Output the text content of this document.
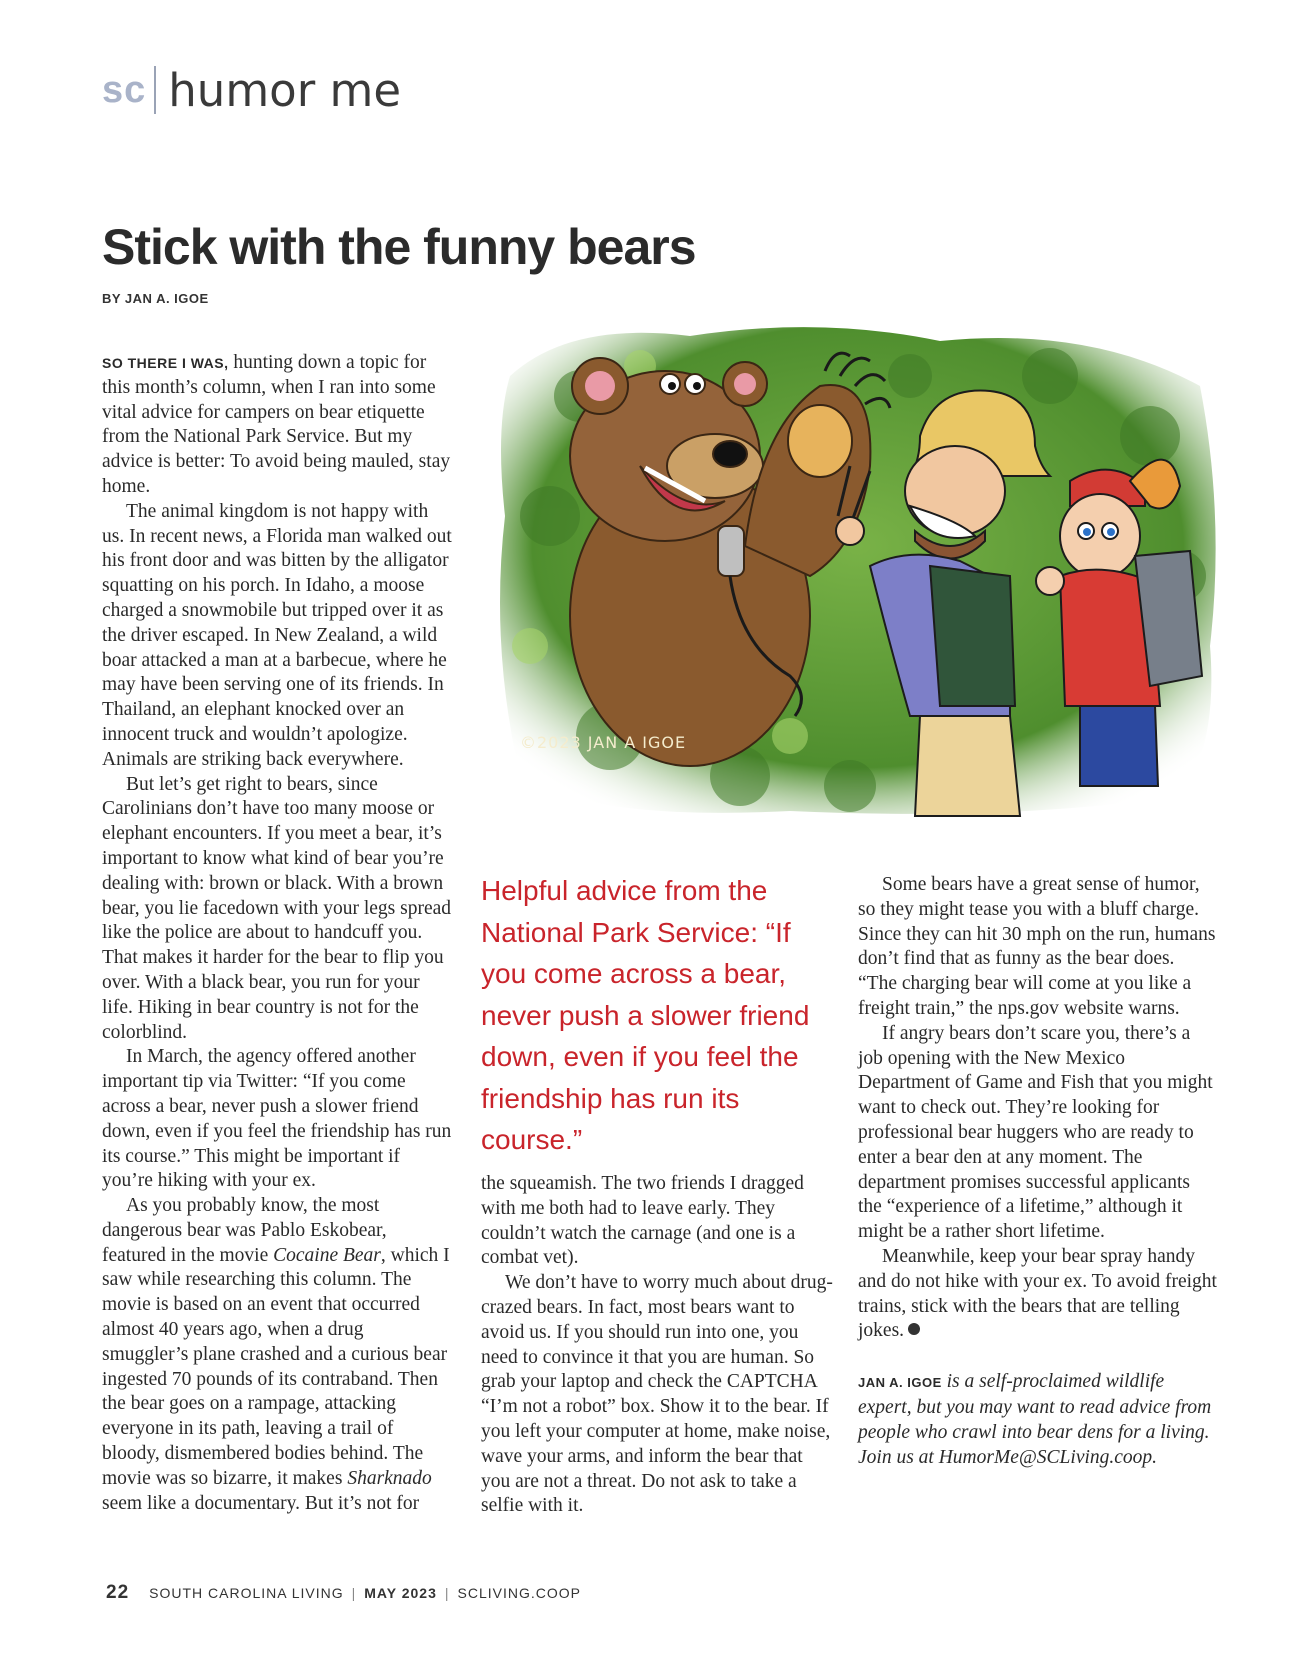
sc humor me
Stick with the funny bears
BY JAN A. IGOE

SO THERE I WAS, hunting down a topic for this month’s column, when I ran into some vital advice for campers on bear etiquette from the National Park Service. But my advice is better: To avoid being mauled, stay home.

The animal kingdom is not happy with us. In recent news, a Florida man walked out his front door and was bitten by the alligator squatting on his porch. In Idaho, a moose charged a snowmobile but tripped over it as the driver escaped. In New Zealand, a wild boar attacked a man at a barbecue, where he may have been serving one of its friends. In Thailand, an elephant knocked over an innocent truck and wouldn’t apologize. Animals are striking back everywhere.

But let’s get right to bears, since Carolinians don’t have too many moose or elephant encounters. If you meet a bear, it’s important to know what kind of bear you’re dealing with: brown or black. With a brown bear, you lie facedown with your legs spread like the police are about to handcuff you. That makes it harder for the bear to flip you over. With a black bear, you run for your life. Hiking in bear country is not for the colorblind.

In March, the agency offered another important tip via Twitter: “If you come across a bear, never push a slower friend down, even if you feel the friendship has run its course.” This might be important if you’re hiking with your ex.

As you probably know, the most dangerous bear was Pablo Eskobear, featured in the movie Cocaine Bear, which I saw while researching this column. The movie is based on an event that occurred almost 40 years ago, when a drug smuggler’s plane crashed and a curious bear ingested 70 pounds of its contraband. Then the bear goes on a rampage, attacking everyone in its path, leaving a trail of bloody, dismembered bodies behind. The movie was so bizarre, it makes Sharknado seem like a documentary. But it’s not for

©2023 JAN A IGOE
Helpful advice from the National Park Service: “If you come across a bear, never push a slower friend down, even if you feel the friendship has run its course.”

the squeamish. The two friends I dragged with me both had to leave early. They couldn’t watch the carnage (and one is a combat vet).

We don’t have to worry much about drug-crazed bears. In fact, most bears want to avoid us. If you should run into one, you need to convince it that you are human. So grab your laptop and check the CAPTCHA “I’m not a robot” box. Show it to the bear. If you left your computer at home, make noise, wave your arms, and inform the bear that you are not a threat. Do not ask to take a selfie with it.

Some bears have a great sense of humor, so they might tease you with a bluff charge. Since they can hit 30 mph on the run, humans don’t find that as funny as the bear does. “The charging bear will come at you like a freight train,” the nps.gov website warns.

If angry bears don’t scare you, there’s a job opening with the New Mexico Department of Game and Fish that you might want to check out. They’re looking for professional bear huggers who are ready to enter a bear den at any moment. The department promises successful applicants the “experience of a lifetime,” although it might be a rather short lifetime.

Meanwhile, keep your bear spray handy and do not hike with your ex. To avoid freight trains, stick with the bears that are telling jokes.

JAN A. IGOE is a self-proclaimed wildlife expert, but you may want to read advice from people who crawl into bear dens for a living. Join us at HumorMe@SCLiving.coop.

22 SOUTH CAROLINA LIVING | MAY 2023 | SCLIVING.COOP
